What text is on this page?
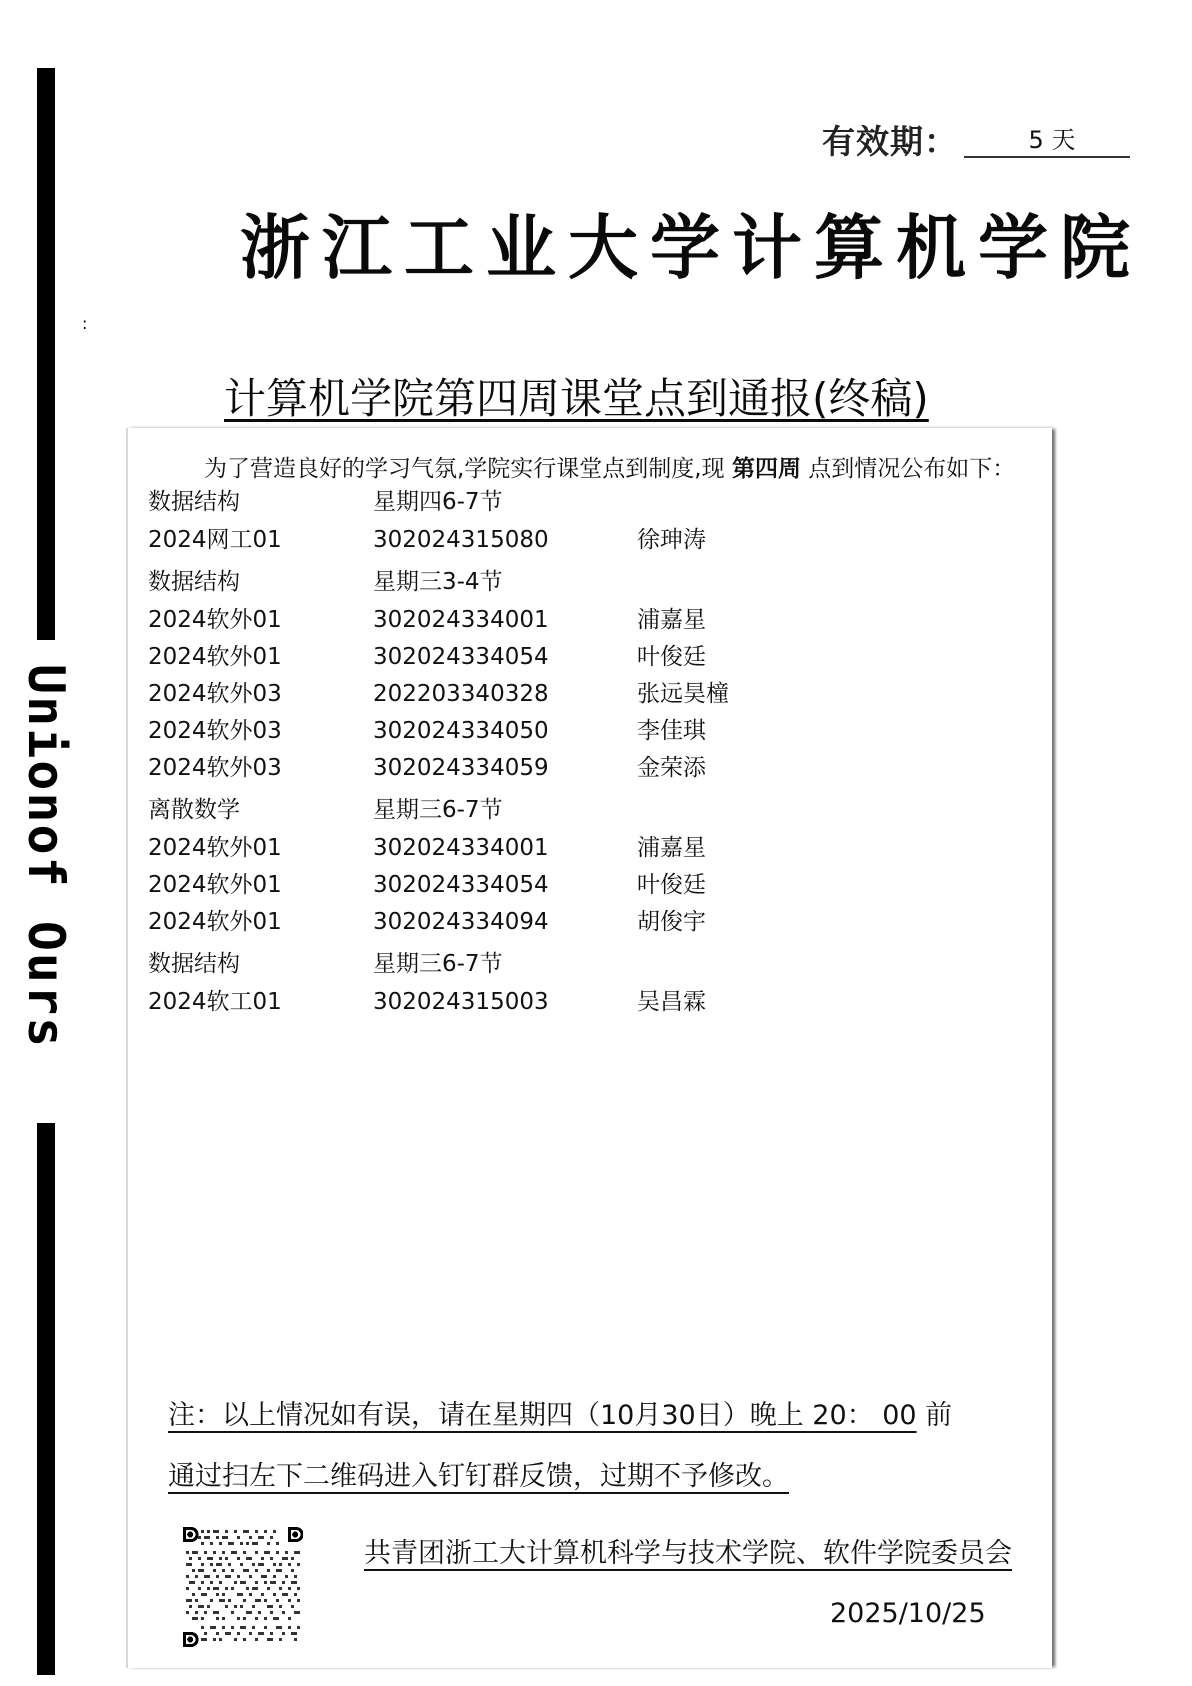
Unionof Ours
:
有效期：	5 天
浙江工业大学计算机学院
计算机学院第四周课堂点到通报(终稿)
为了营造良好的学习气氛,学院实行课堂点到制度,现 第四周 点到情况公布如下：
数据结构	星期四6-7节
2024网工01	302024315080	徐珅涛
数据结构	星期三3-4节
2024软外01	302024334001	浦嘉星
2024软外01	302024334054	叶俊廷
2024软外03	202203340328	张远昊橦
2024软外03	302024334050	李佳琪
2024软外03	302024334059	金荣添
离散数学	星期三6-7节
2024软外01	302024334001	浦嘉星
2024软外01	302024334054	叶俊廷
2024软外01	302024334094	胡俊宇
数据结构	星期三6-7节
2024软工01	302024315003	吴昌霖
注：以上情况如有误，请在星期四（10月30日）晚上 20： 00 前
通过扫左下二维码进入钉钉群反馈，过期不予修改。
共青团浙工大计算机科学与技术学院、软件学院委员会
2025/10/25
